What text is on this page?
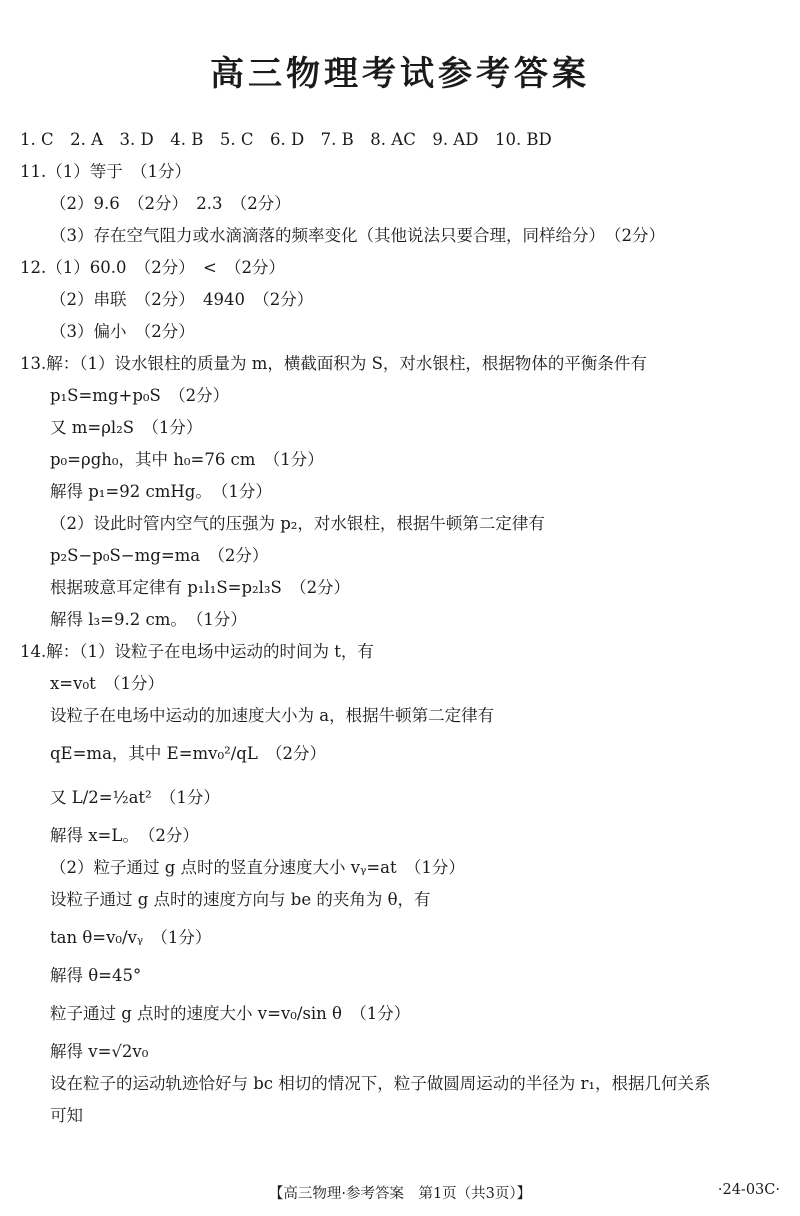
高三物理考试参考答案
1. C　2. A　3. D　4. B　5. C　6. D　7. B　8. AC　9. AD　10. BD
11.（1）等于　（1分）
（2）9.6　（2分）　2.3　（2分）
（3）存在空气阻力或水滴滴落的频率变化（其他说法只要合理，同样给分）　（2分）
12.（1）60.0　（2分）　<　（2分）
（2）串联　（2分）　4940　（2分）
（3）偏小　（2分）
13.解：（1）设水银柱的质量为 m，横截面积为 S，对水银柱，根据物体的平衡条件有
p₁S=mg+p₀S　（2分）
又 m=ρl₂S　（1分）
p₀=ρgh₀，其中 h₀=76 cm　（1分）
解得 p₁=92 cmHg。　（1分）
（2）设此时管内空气的压强为 p₂，对水银柱，根据牛顿第二定律有
p₂S−p₀S−mg=ma　（2分）
根据玻意耳定律有 p₁l₁S=p₂l₃S　（2分）
解得 l₃=9.2 cm。　（1分）
14.解：（1）设粒子在电场中运动的时间为 t，有
x=v₀t　（1分）
设粒子在电场中运动的加速度大小为 a，根据牛顿第二定律有
qE=ma，其中 E=mv₀²/qL　（2分）
又 L/2=½at²　（1分）
解得 x=L。　（2分）
（2）粒子通过 g 点时的竖直分速度大小 vᵧ=at　（1分）
设粒子通过 g 点时的速度方向与 be 的夹角为 θ，有
tan θ=v₀/vᵧ　（1分）
解得 θ=45°
粒子通过 g 点时的速度大小 v=v₀/sin θ　（1分）
解得 v=√2v₀
设在粒子的运动轨迹恰好与 bc 相切的情况下，粒子做圆周运动的半径为 r₁，根据几何关系
可知
【高三物理·参考答案　第1页（共3页）】	·24-03C·
